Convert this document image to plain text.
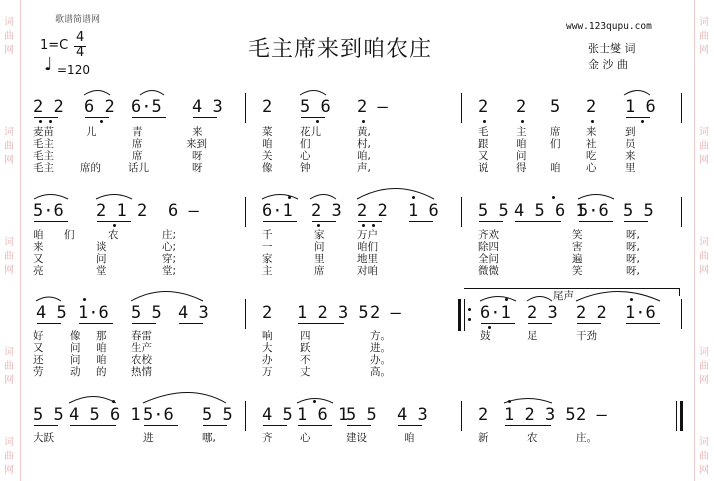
词
曲
网
词
曲
网
词
曲
网
词
曲
网
词
曲
网
词
曲
网
词
曲
网
词
曲
网
词
曲
网
词
曲
网
歌谱简谱网
www.123qupu.com
毛主席来到咱农庄	张士燮 词
金 沙 曲
1=C
4
4
♩ =120
2 2 6 2 6·5 4 3 2 5 6 2 –	2 2 5 2 1 6
麦苗	儿	青	来	菜	花儿	黄,	毛	主 席 来	到
毛主	席	来到	咱	们	村,	跟	咱 们 社	员
毛主	席	呀	关	心	咱,	又	问	吃	来
毛主 席的	话儿	呀	像	钟	声,	说	得 咱 心	里
5·6 2 1 2 6 –	6·1 2 3 2 2 1 6 5 5 4 5 6 1
5·6 5 5
咱 们	农	庄;	千	家	万户	齐欢	笑	呀,
来	谈	心;	一	问	咱们	除四	害	呀,
又	问	穿;	家	里	地里	全问	遍	呀,
亮	堂	堂;	主	席	对咱	微微	笑	呀,
4 5 1·6 5 5 4 3	2 1 2 3 5 2 –
尾声
6·1 2 3 2 2 1·6
好	像 那 春雷	响	四	方。	鼓	足	干劲
又	问 咱 生产	大	跃	进。
还	问 咱 农校	办	不	办。
劳	动 的 热情	万	丈	高。
5 5 4 5 6 1 5·6 5 5 4 5 1 6 1
5 5 4 3	2 1 2 3 5 2 –
大跃	进	哪,	齐	心	建设	咱	新	农	庄。
